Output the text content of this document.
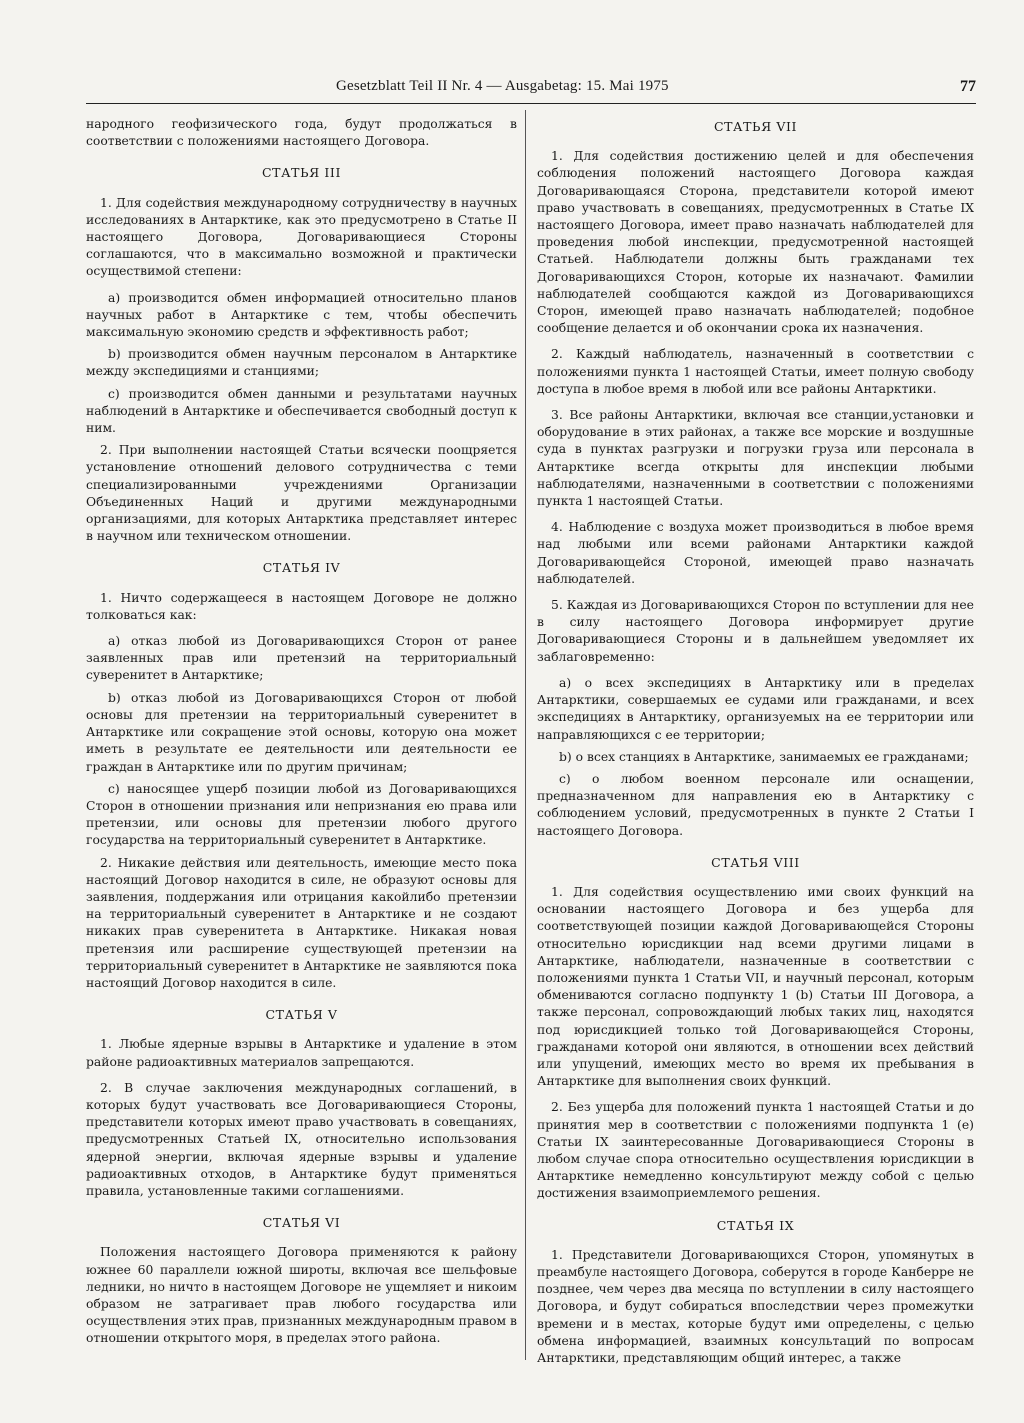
Gesetzblatt Teil II Nr. 4 — Ausgabetag: 15. Mai 1975	77

народного геофизического года, будут продолжаться в соответствии с положениями настоящего Договора.

СТАТЬЯ III

1. Для содействия международному сотрудничеству в научных исследованиях в Антарктике, как это предусмотрено в Статье II настоящего Договора, Договаривающиеся Стороны соглашаются, что в максимально возможной и практически осуществимой степени:

a) производится обмен информацией относительно планов научных работ в Антарктике с тем, чтобы обеспечить максимальную экономию средств и эффективность работ;

b) производится обмен научным персоналом в Антарктике между экспедициями и станциями;

c) производится обмен данными и результатами научных наблюдений в Антарктике и обеспечивается свободный доступ к ним.

2. При выполнении настоящей Статьи всячески поощряется установление отношений делового сотрудничества с теми специализированными учреждениями Организации Объединенных Наций и другими международными организациями, для которых Антарктика представляет интерес в научном или техническом отношении.

СТАТЬЯ IV

1. Ничто содержащееся в настоящем Договоре не должно толковаться как:

a) отказ любой из Договаривающихся Сторон от ранее заявленных прав или претензий на территориальный суверенитет в Антарктике;

b) отказ любой из Договаривающихся Сторон от любой основы для претензии на территориальный суверенитет в Антарктике или сокращение этой основы, которую она может иметь в результате ее деятельности или деятельности ее граждан в Антарктике или по другим причинам;

c) наносящее ущерб позиции любой из Договаривающихся Сторон в отношении признания или непризнания ею права или претензии, или основы для претензии любого другого государства на территориальный суверенитет в Антарктике.

2. Никакие действия или деятельность, имеющие место пока настоящий Договор находится в силе, не образуют основы для заявления, поддержания или отрицания какойлибо претензии на территориальный суверенитет в Антарктике и не создают никаких прав суверенитета в Антарктике. Никакая новая претензия или расширение существующей претензии на территориальный суверенитет в Антарктике не заявляются пока настоящий Договор находится в силе.

СТАТЬЯ V

1. Любые ядерные взрывы в Антарктике и удаление в этом районе радиоактивных материалов запрещаются.

2. В случае заключения международных соглашений, в которых будут участвовать все Договаривающиеся Стороны, представители которых имеют право участвовать в совещаниях, предусмотренных Статьей IX, относительно использования ядерной энергии, включая ядерные взрывы и удаление радиоактивных отходов, в Антарктике будут применяться правила, установленные такими соглашениями.

СТАТЬЯ VI

Положения настоящего Договора применяются к району южнее 60 параллели южной широты, включая все шельфовые ледники, но ничто в настоящем Договоре не ущемляет и никоим образом не затрагивает прав любого государства или осуществления этих прав, признанных международным правом в отношении открытого моря, в пределах этого района.

СТАТЬЯ VII

1. Для содействия достижению целей и для обеспечения соблюдения положений настоящего Договора каждая Договаривающаяся Сторона, представители которой имеют право участвовать в совещаниях, предусмотренных в Статье IX настоящего Договора, имеет право назначать наблюдателей для проведения любой инспекции, предусмотренной настоящей Статьей. Наблюдатели должны быть гражданами тех Договаривающихся Сторон, которые их назначают. Фамилии наблюдателей сообщаются каждой из Договаривающихся Сторон, имеющей право назначать наблюдателей; подобное сообщение делается и об окончании срока их назначения.

2. Каждый наблюдатель, назначенный в соответствии с положениями пункта 1 настоящей Статьи, имеет полную свободу доступа в любое время в любой или все районы Антарктики.

3. Все районы Антарктики, включая все станции,установки и оборудование в этих районах, а также все морские и воздушные суда в пунктах разгрузки и погрузки груза или персонала в Антарктике всегда открыты для инспекции любыми наблюдателями, назначенными в соответствии с положениями пункта 1 настоящей Статьи.

4. Наблюдение с воздуха может производиться в любое время над любыми или всеми районами Антарктики каждой Договаривающейся Стороной, имеющей право назначать наблюдателей.

5. Каждая из Договаривающихся Сторон по вступлении для нее в силу настоящего Договора информирует другие Договаривающиеся Стороны и в дальнейшем уведомляет их заблаговременно:

a) о всех экспедициях в Антарктику или в пределах Антарктики, совершаемых ее судами или гражданами, и всех экспедициях в Антарктику, организуемых на ее территории или направляющихся с ее территории;

b) о всех станциях в Антарктике, занимаемых ее гражданами;

c) о любом военном персонале или оснащении, предназначенном для направления ею в Антарктику с соблюдением условий, предусмотренных в пункте 2 Статьи I настоящего Договора.

СТАТЬЯ VIII

1. Для содействия осуществлению ими своих функций на основании настоящего Договора и без ущерба для соответствующей позиции каждой Договаривающейся Стороны относительно юрисдикции над всеми другими лицами в Антарктике, наблюдатели, назначенные в соответствии с положениями пункта 1 Статьи VII, и научный персонал, которым обмениваются согласно подпункту 1 (b) Статьи III Договора, а также персонал, сопровождающий любых таких лиц, находятся под юрисдикцией только той Договаривающейся Стороны, гражданами которой они являются, в отношении всех действий или упущений, имеющих место во время их пребывания в Антарктике для выполнения своих функций.

2. Без ущерба для положений пункта 1 настоящей Статьи и до принятия мер в соответствии с положениями подпункта 1 (e) Статьи IX заинтересованные Договаривающиеся Стороны в любом случае спора относительно осуществления юрисдикции в Антарктике немедленно консультируют между собой с целью достижения взаимоприемлемого решения.

СТАТЬЯ IX

1. Представители Договаривающихся Сторон, упомянутых в преамбуле настоящего Договора, соберутся в городе Канберре не позднее, чем через два месяца по вступлении в силу настоящего Договора, и будут собираться впоследствии через промежутки времени и в местах, которые будут ими определены, с целью обмена информацией, взаимных консультаций по вопросам Антарктики, представляющим общий интерес, а также
